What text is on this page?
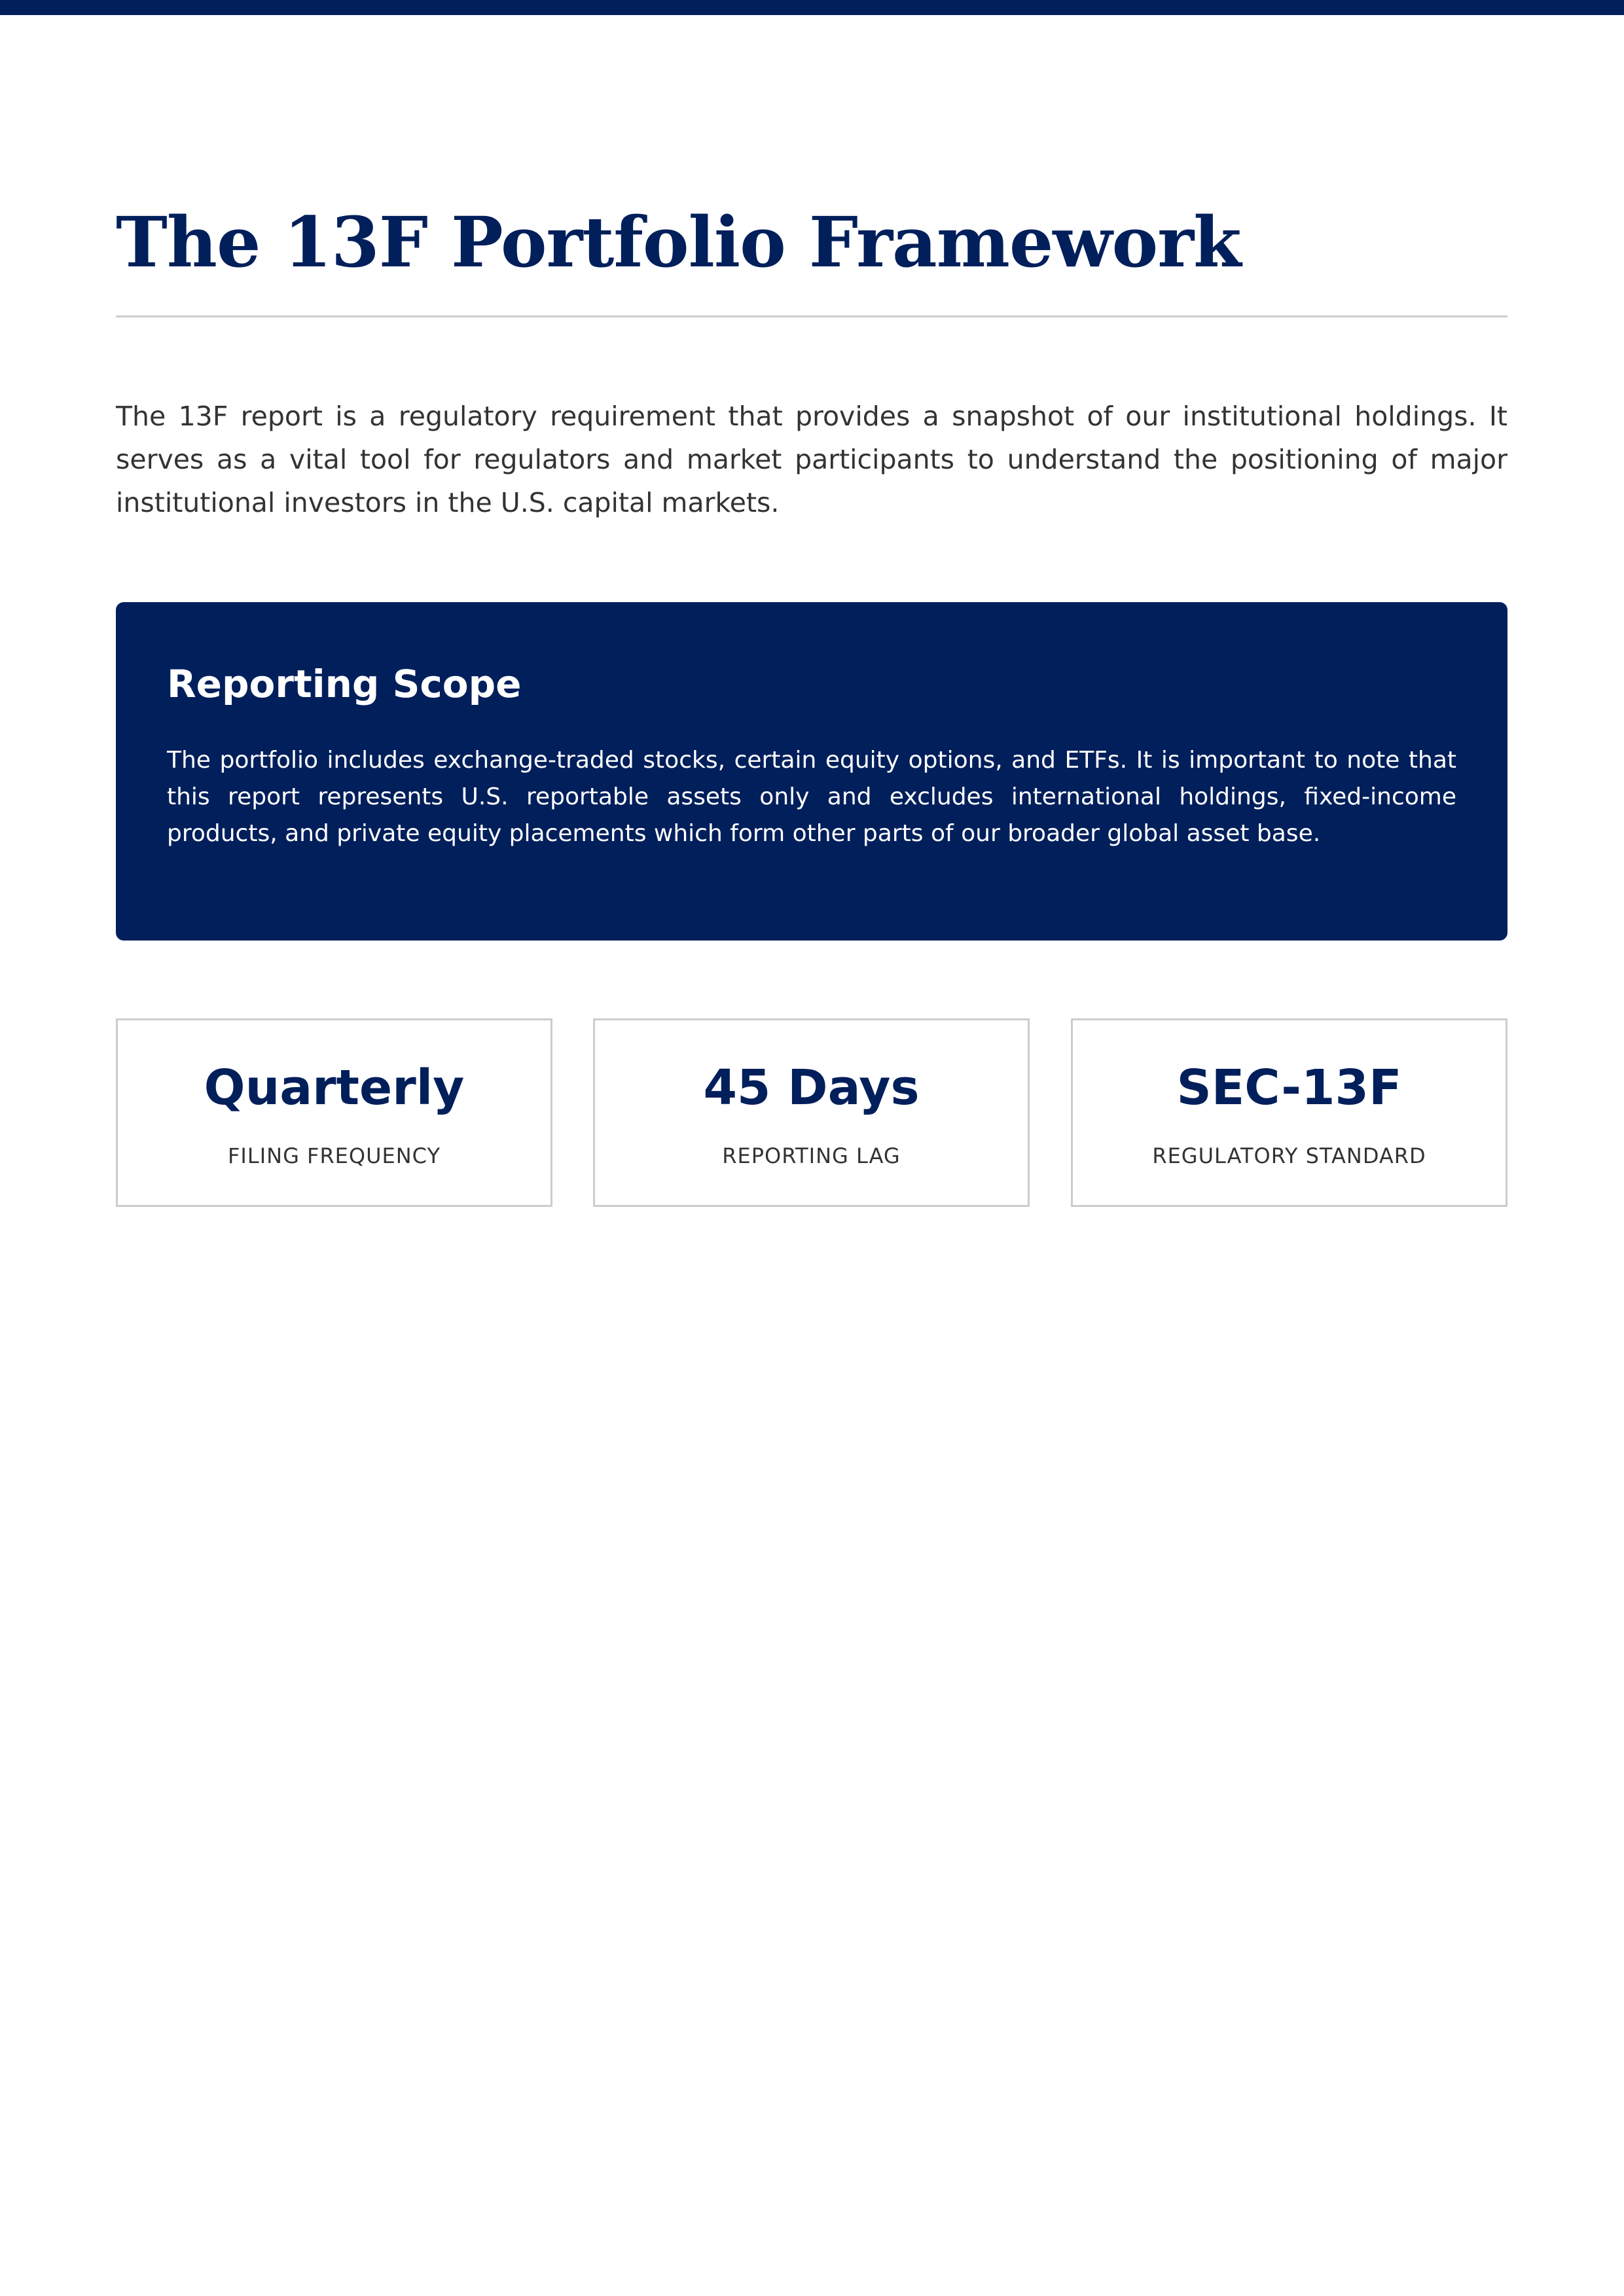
The 13F Portfolio Framework

The 13F report is a regulatory requirement that provides a snapshot of our institutional holdings. It serves as a vital tool for regulators and market participants to understand the positioning of major institutional investors in the U.S. capital markets.

Reporting Scope

The portfolio includes exchange-traded stocks, certain equity options, and ETFs. It is important to note that this report represents U.S. reportable assets only and excludes international holdings, fixed-income products, and private equity placements which form other parts of our broader global asset base.

Quarterly
FILING FREQUENCY
45 Days
REPORTING LAG
SEC-13F
REGULATORY STANDARD
